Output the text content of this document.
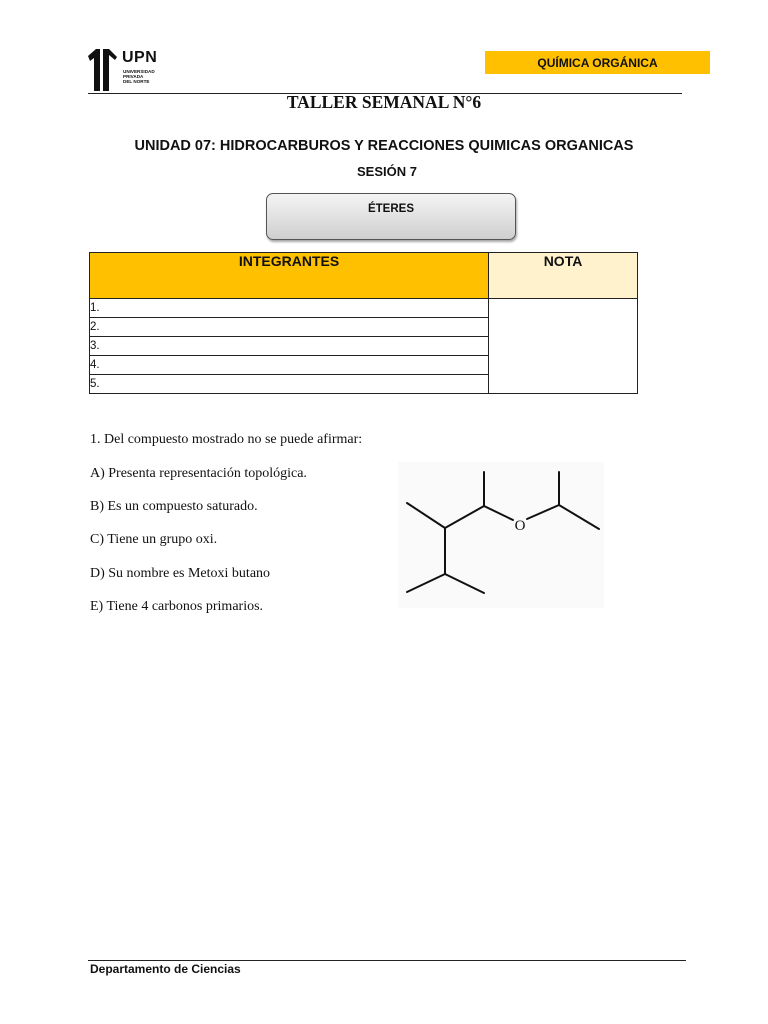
UPN
UNIVERSIDAD
PRIVADA
DEL NORTE
QUÍMICA ORGÁNICA
TALLER SEMANAL N°6
UNIDAD 07: HIDROCARBUROS Y REACCIONES QUIMICAS ORGANICAS
SESIÓN 7
ÉTERES
INTEGRANTES	NOTA
1.	
2.	
3.	
4.	
5.	
1. Del compuesto mostrado no se puede afirmar:
A) Presenta representación topológica.
B) Es un compuesto saturado.
C) Tiene un grupo oxi.
D) Su nombre es Metoxi butano
E) Tiene 4 carbonos primarios.
O
Departamento de Ciencias
